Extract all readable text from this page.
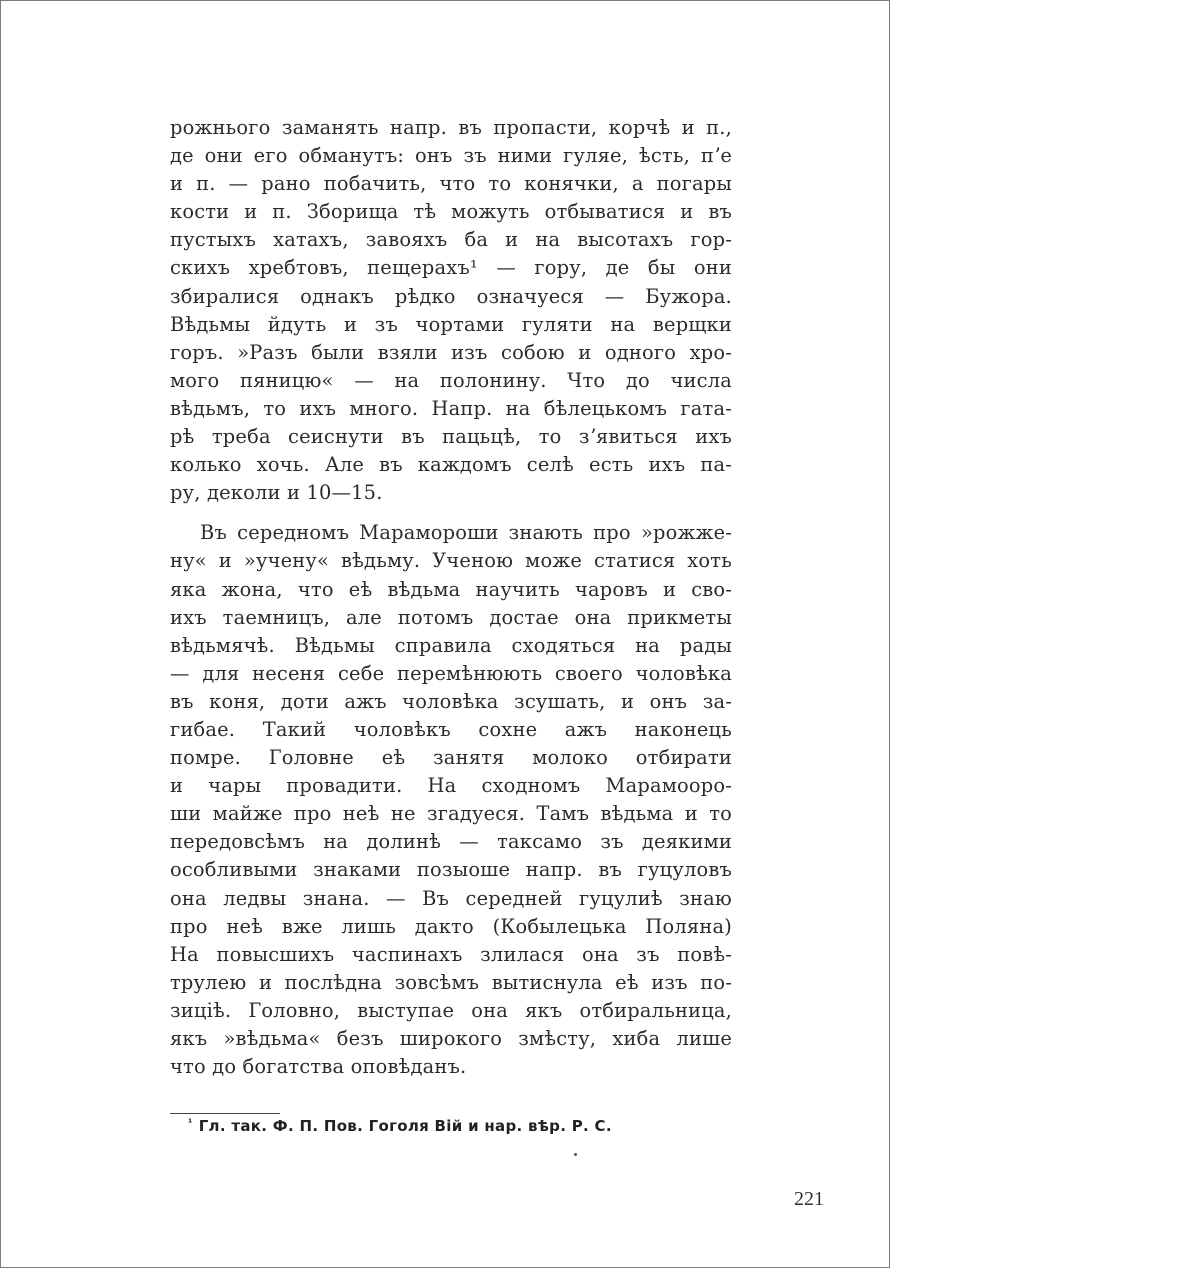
рожнього заманять напр. въ пропасти, корчѣ и п.,
де они его обманутъ: онъ зъ ними гуляе, ѣсть, пʼе
и п. — рано побачить, что то конячки, а погары
кости и п. Зборища тѣ можуть отбыватися и въ
пустыхъ хатахъ, завояхъ ба и на высотахъ гор-
скихъ хребтовъ, пещерахъ¹ — гору, де бы они
збиралися однакъ рѣдко означуеся — Бужора.
Вѣдьмы йдуть и зъ чортами гуляти на верщки
горъ. »Разъ были взяли изъ собою и одного хро-
мого пяницю« — на полонину. Что до числа
вѣдьмъ, то ихъ много. Напр. на бѣлецькомъ гата-
рѣ треба сеиснути въ пацьцѣ, то зʼявиться ихъ
колько хочь. Але въ каждомъ селѣ есть ихъ па-
ру, деколи и 10—15.
Въ середномъ Марамороши знають про »рожже-
ну« и »учену« вѣдьму. Ученою може статися хоть
яка жона, что еѣ вѣдьма научить чаровъ и сво-
ихъ таемницъ, але потомъ достае она прикметы
вѣдьмячѣ. Вѣдьмы справила сходяться на рады
— для несеня себе перемѣнюють своего чоловѣка
въ коня, доти ажъ чоловѣка зсушать, и онъ за-
гибае. Такий чоловѣкъ сохне ажъ наконець
помре. Головне еѣ занятя молоко отбирати
и чары провадити. На сходномъ Марамооро-
ши майже про неѣ не згадуеся. Тамъ вѣдьма и то
передовсѣмъ на долинѣ — таксамо зъ деякими
особливыми знаками позыоше напр. въ гуцуловъ
она ледвы знана. — Въ середней гуцулиѣ знаю
про неѣ вже лишь дакто (Кобылецька Поляна)
На повысшихъ часпинахъ злилася она зъ повѣ-
трулею и послѣдна зовсѣмъ вытиснула еѣ изъ по-
зиціѣ. Головно, выступае она якъ отбиральница,
якъ »вѣдьма« безъ широкого змѣсту, хиба лише
что до богатства оповѣданъ.
$^{^1}$ Гл. так. Ф. П. Пов. Гоголя Вій и нар. вѣр. Р. С.
221
